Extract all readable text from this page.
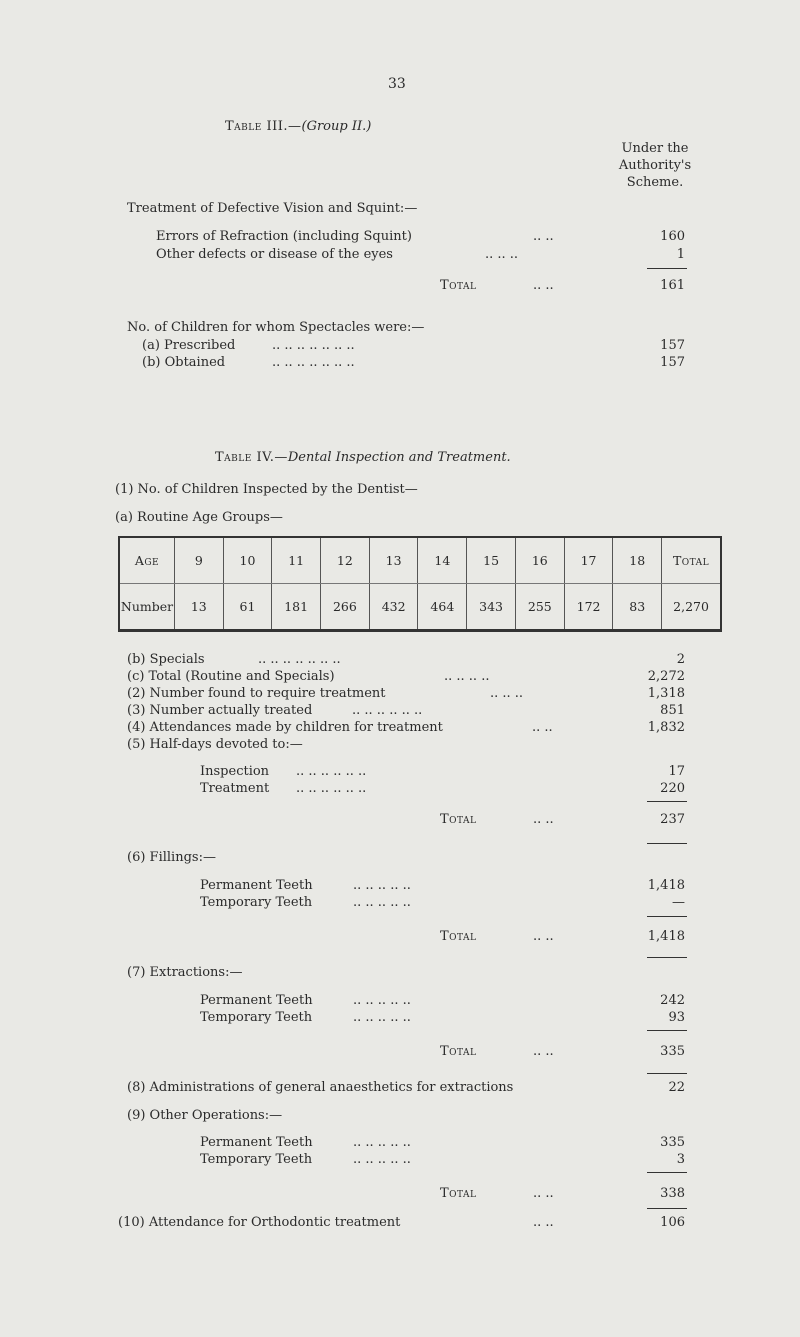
33
Table III.—(Group II.)
Under the
Authority's
Scheme.
Treatment of Defective Vision and Squint:—
Errors of Refraction (including Squint)	.. ..	160
Other defects or disease of the eyes	.. .. ..	1
Total	.. ..	161
No. of Children for whom Spectacles were:—
(a) Prescribed	.. .. .. .. .. .. ..	157
(b) Obtained	.. .. .. .. .. .. ..	157
Table IV.—Dental Inspection and Treatment.
(1) No. of Children Inspected by the Dentist—
(a) Routine Age Groups—
Age	9	10	11	12	13	14	15	16	17	18	Total
Number	13	61	181	266	432	464	343	255	172	83	2,270
(b) Specials	.. .. .. .. .. .. ..	2
(c) Total (Routine and Specials)	.. .. .. ..	2,272
(2) Number found to require treatment	.. .. ..	1,318
(3) Number actually treated	.. .. .. .. .. ..	851
(4) Attendances made by children for treatment	.. ..	1,832
(5) Half-days devoted to:—
Inspection .. .. .. .. .. ..	17
Treatment .. .. .. .. .. ..	220
Total	.. ..	237
(6) Fillings:—
Permanent Teeth	.. .. .. .. ..	1,418
Temporary Teeth	.. .. .. .. ..	—
Total	.. ..	1,418
(7) Extractions:—
Permanent Teeth	.. .. .. .. ..	242
Temporary Teeth	.. .. .. .. ..	93
Total	.. ..	335
(8) Administrations of general anaesthetics for extractions	22
(9) Other Operations:—
Permanent Teeth	.. .. .. .. ..	335
Temporary Teeth	.. .. .. .. ..	3
Total	.. ..	338
(10) Attendance for Orthodontic treatment	.. ..	106
